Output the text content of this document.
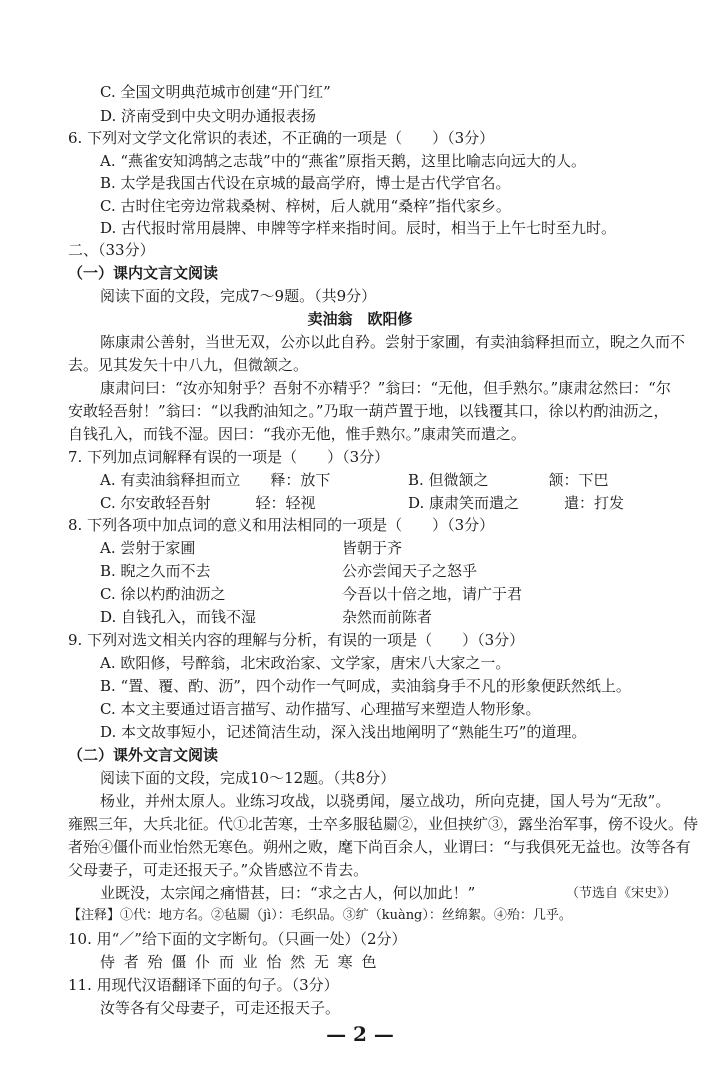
C. 全国文明典范城市创建“开门红”
D. 济南受到中央文明办通报表扬
6. 下列对文学文化常识的表述，不正确的一项是（　　）（3分）
A. “燕雀安知鸿鹄之志哉”中的“燕雀”原指天鹅，这里比喻志向远大的人。
B. 太学是我国古代设在京城的最高学府，博士是古代学官名。
C. 古时住宅旁边常栽桑树、梓树，后人就用“桑梓”指代家乡。
D. 古代报时常用晨牌、申牌等字样来指时间。辰时，相当于上午七时至九时。
二、（33分）
（一）课内文言文阅读
阅读下面的文段，完成7～9题。（共9分）
卖油翁　欧阳修
陈康肃公善射，当世无双，公亦以此自矜。尝射于家圃，有卖油翁释担而立，睨之久而不
去。见其发矢十中八九，但微颔之。
康肃问曰：“汝亦知射乎？吾射不亦精乎？”翁曰：“无他，但手熟尔。”康肃忿然曰：“尔
安敢轻吾射！”翁曰：“以我酌油知之。”乃取一葫芦置于地，以钱覆其口，徐以杓酌油沥之，
自钱孔入，而钱不湿。因曰：“我亦无他，惟手熟尔。”康肃笑而遣之。
7. 下列加点词解释有误的一项是（　　）（3分）
A. 有卖油翁释担而立　　释：放下	B. 但微颔之　　　　颔：下巴
C. 尔安敢轻吾射　　　轻：轻视	D. 康肃笑而遣之　　　遣：打发
8. 下列各项中加点词的意义和用法相同的一项是（　　）（3分）
A. 尝射于家圃	皆朝于齐
B. 睨之久而不去	公亦尝闻天子之怒乎
C. 徐以杓酌油沥之	今吾以十倍之地，请广于君
D. 自钱孔入，而钱不湿	杂然而前陈者
9. 下列对选文相关内容的理解与分析，有误的一项是（　　）（3分）
A. 欧阳修，号醉翁，北宋政治家、文学家，唐宋八大家之一。
B. “置、覆、酌、沥”，四个动作一气呵成，卖油翁身手不凡的形象便跃然纸上。
C. 本文主要通过语言描写、动作描写、心理描写来塑造人物形象。
D. 本文故事短小，记述简洁生动，深入浅出地阐明了“熟能生巧”的道理。
（二）课外文言文阅读
阅读下面的文段，完成10～12题。（共8分）
杨业，并州太原人。业练习攻战，以骁勇闻，屡立战功，所向克捷，国人号为“无敌”。
雍熙三年，大兵北征。代①北苦寒，士卒多服毡罽②，业但挟纩③，露坐治军事，傍不设火。侍
者殆④僵仆而业怡然无寒色。朔州之败，麾下尚百余人，业谓曰：“与我俱死无益也。汝等各有
父母妻子，可走还报天子。”众皆感泣不肯去。
业既没，太宗闻之痛惜甚，曰：“求之古人，何以加此！”	（节选自《宋史》）
【注释】①代：地方名。②毡罽（jì）：毛织品。③纩（kuàng）：丝绵絮。④殆：几乎。
10. 用“／”给下面的文字断句。（只画一处）（2分）
侍 者 殆 僵 仆 而 业 怡 然 无 寒 色
11. 用现代汉语翻译下面的句子。（3分）
汝等各有父母妻子，可走还报天子。
— 2 —
